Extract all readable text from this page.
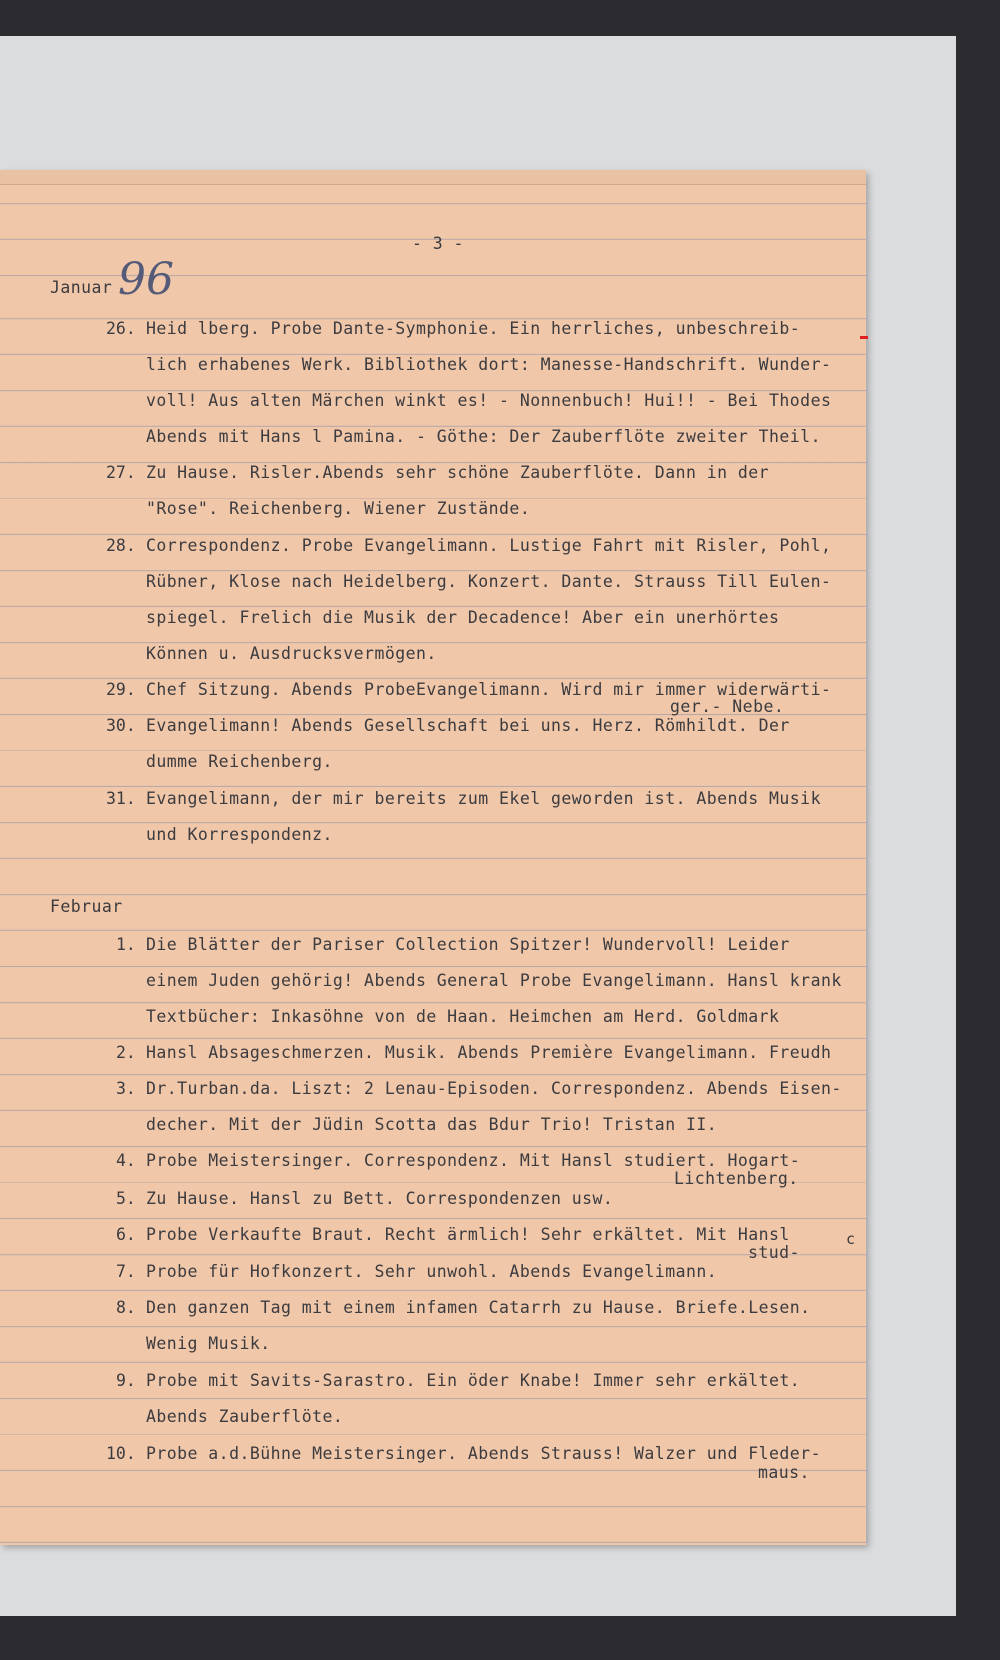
- 3 -
Januar 96
Februar
26. Heid lberg. Probe Dante-Symphonie. Ein herrliches, unbeschreib-
lich erhabenes Werk. Bibliothek dort: Manesse-Handschrift. Wunder-
voll! Aus alten Märchen winkt es! - Nonnenbuch! Hui!! - Bei Thodes
Abends mit Hans l Pamina. - Göthe: Der Zauberflöte zweiter Theil.
27. Zu Hause. Risler.Abends sehr schöne Zauberflöte. Dann in der
"Rose". Reichenberg. Wiener Zustände.
28. Correspondenz. Probe Evangelimann. Lustige Fahrt mit Risler, Pohl,
Rübner, Klose nach Heidelberg. Konzert. Dante. Strauss Till Eulen-
spiegel. Frelich die Musik der Decadence! Aber ein unerhörtes
Können u. Ausdrucksvermögen.
29. Chef Sitzung. Abends ProbeEvangelimann. Wird mir immer widerwärti-
ger.- Nebe.
30. Evangelimann! Abends Gesellschaft bei uns. Herz. Römhildt. Der
dumme Reichenberg.
31. Evangelimann, der mir bereits zum Ekel geworden ist. Abends Musik
und Korrespondenz.
1. Die Blätter der Pariser Collection Spitzer! Wundervoll! Leider
einem Juden gehörig! Abends General Probe Evangelimann. Hansl krank
Textbücher: Inkasöhne von de Haan. Heimchen am Herd. Goldmark
2. Hansl Absageschmerzen. Musik. Abends Première Evangelimann. Freudh
3. Dr.Turban.da. Liszt: 2 Lenau-Episoden. Correspondenz. Abends Eisen-
decher. Mit der Jüdin Scotta das Bdur Trio! Tristan II.
4. Probe Meistersinger. Correspondenz. Mit Hansl studiert. Hogart-
Lichtenberg.
5. Zu Hause. Hansl zu Bett. Correspondenzen usw.
6. Probe Verkaufte Braut. Recht ärmlich! Sehr erkältet. Mit Hansl
stud-
c
7. Probe für Hofkonzert. Sehr unwohl. Abends Evangelimann.
8. Den ganzen Tag mit einem infamen Catarrh zu Hause. Briefe.Lesen.
Wenig Musik.
9. Probe mit Savits-Sarastro. Ein öder Knabe! Immer sehr erkältet.
Abends Zauberflöte.
10. Probe a.d.Bühne Meistersinger. Abends Strauss! Walzer und Fleder-
maus.
